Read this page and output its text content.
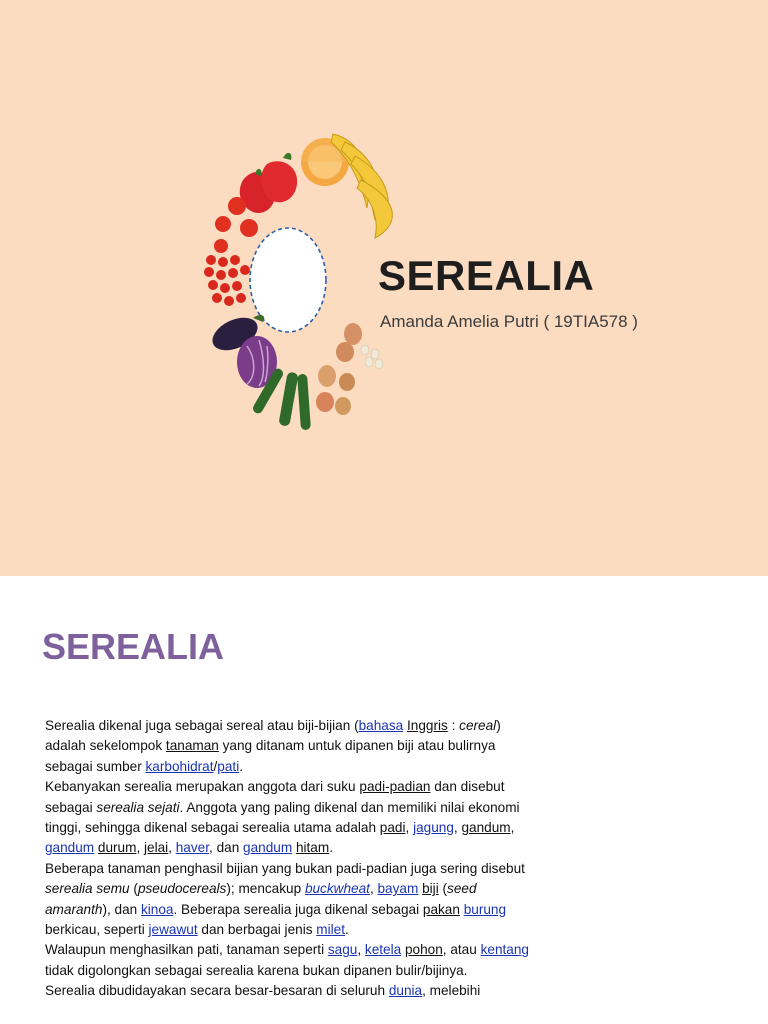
SEREALIA
Amanda Amelia Putri ( 19TIA578 )
SEREALIA

Serealia dikenal juga sebagai sereal atau biji-bijian (bahasa Inggris : cereal) adalah sekelompok tanaman yang ditanam untuk dipanen biji atau bulirnya sebagai sumber karbohidrat/pati.

Kebanyakan serealia merupakan anggota dari suku padi-padian dan disebut sebagai serealia sejati. Anggota yang paling dikenal dan memiliki nilai ekonomi tinggi, sehingga dikenal sebagai serealia utama adalah padi, jagung, gandum, gandum durum, jelai, haver, dan gandum hitam.

Beberapa tanaman penghasil bijian yang bukan padi-padian juga sering disebut serealia semu (pseudocereals); mencakup buckwheat, bayam biji (seed amaranth), dan kinoa. Beberapa serealia juga dikenal sebagai pakan burung berkicau, seperti jewawut dan berbagai jenis milet.

Walaupun menghasilkan pati, tanaman seperti sagu, ketela pohon, atau kentang tidak digolongkan sebagai serealia karena bukan dipanen bulir/bijinya.

Serealia dibudidayakan secara besar-besaran di seluruh dunia, melebihi
